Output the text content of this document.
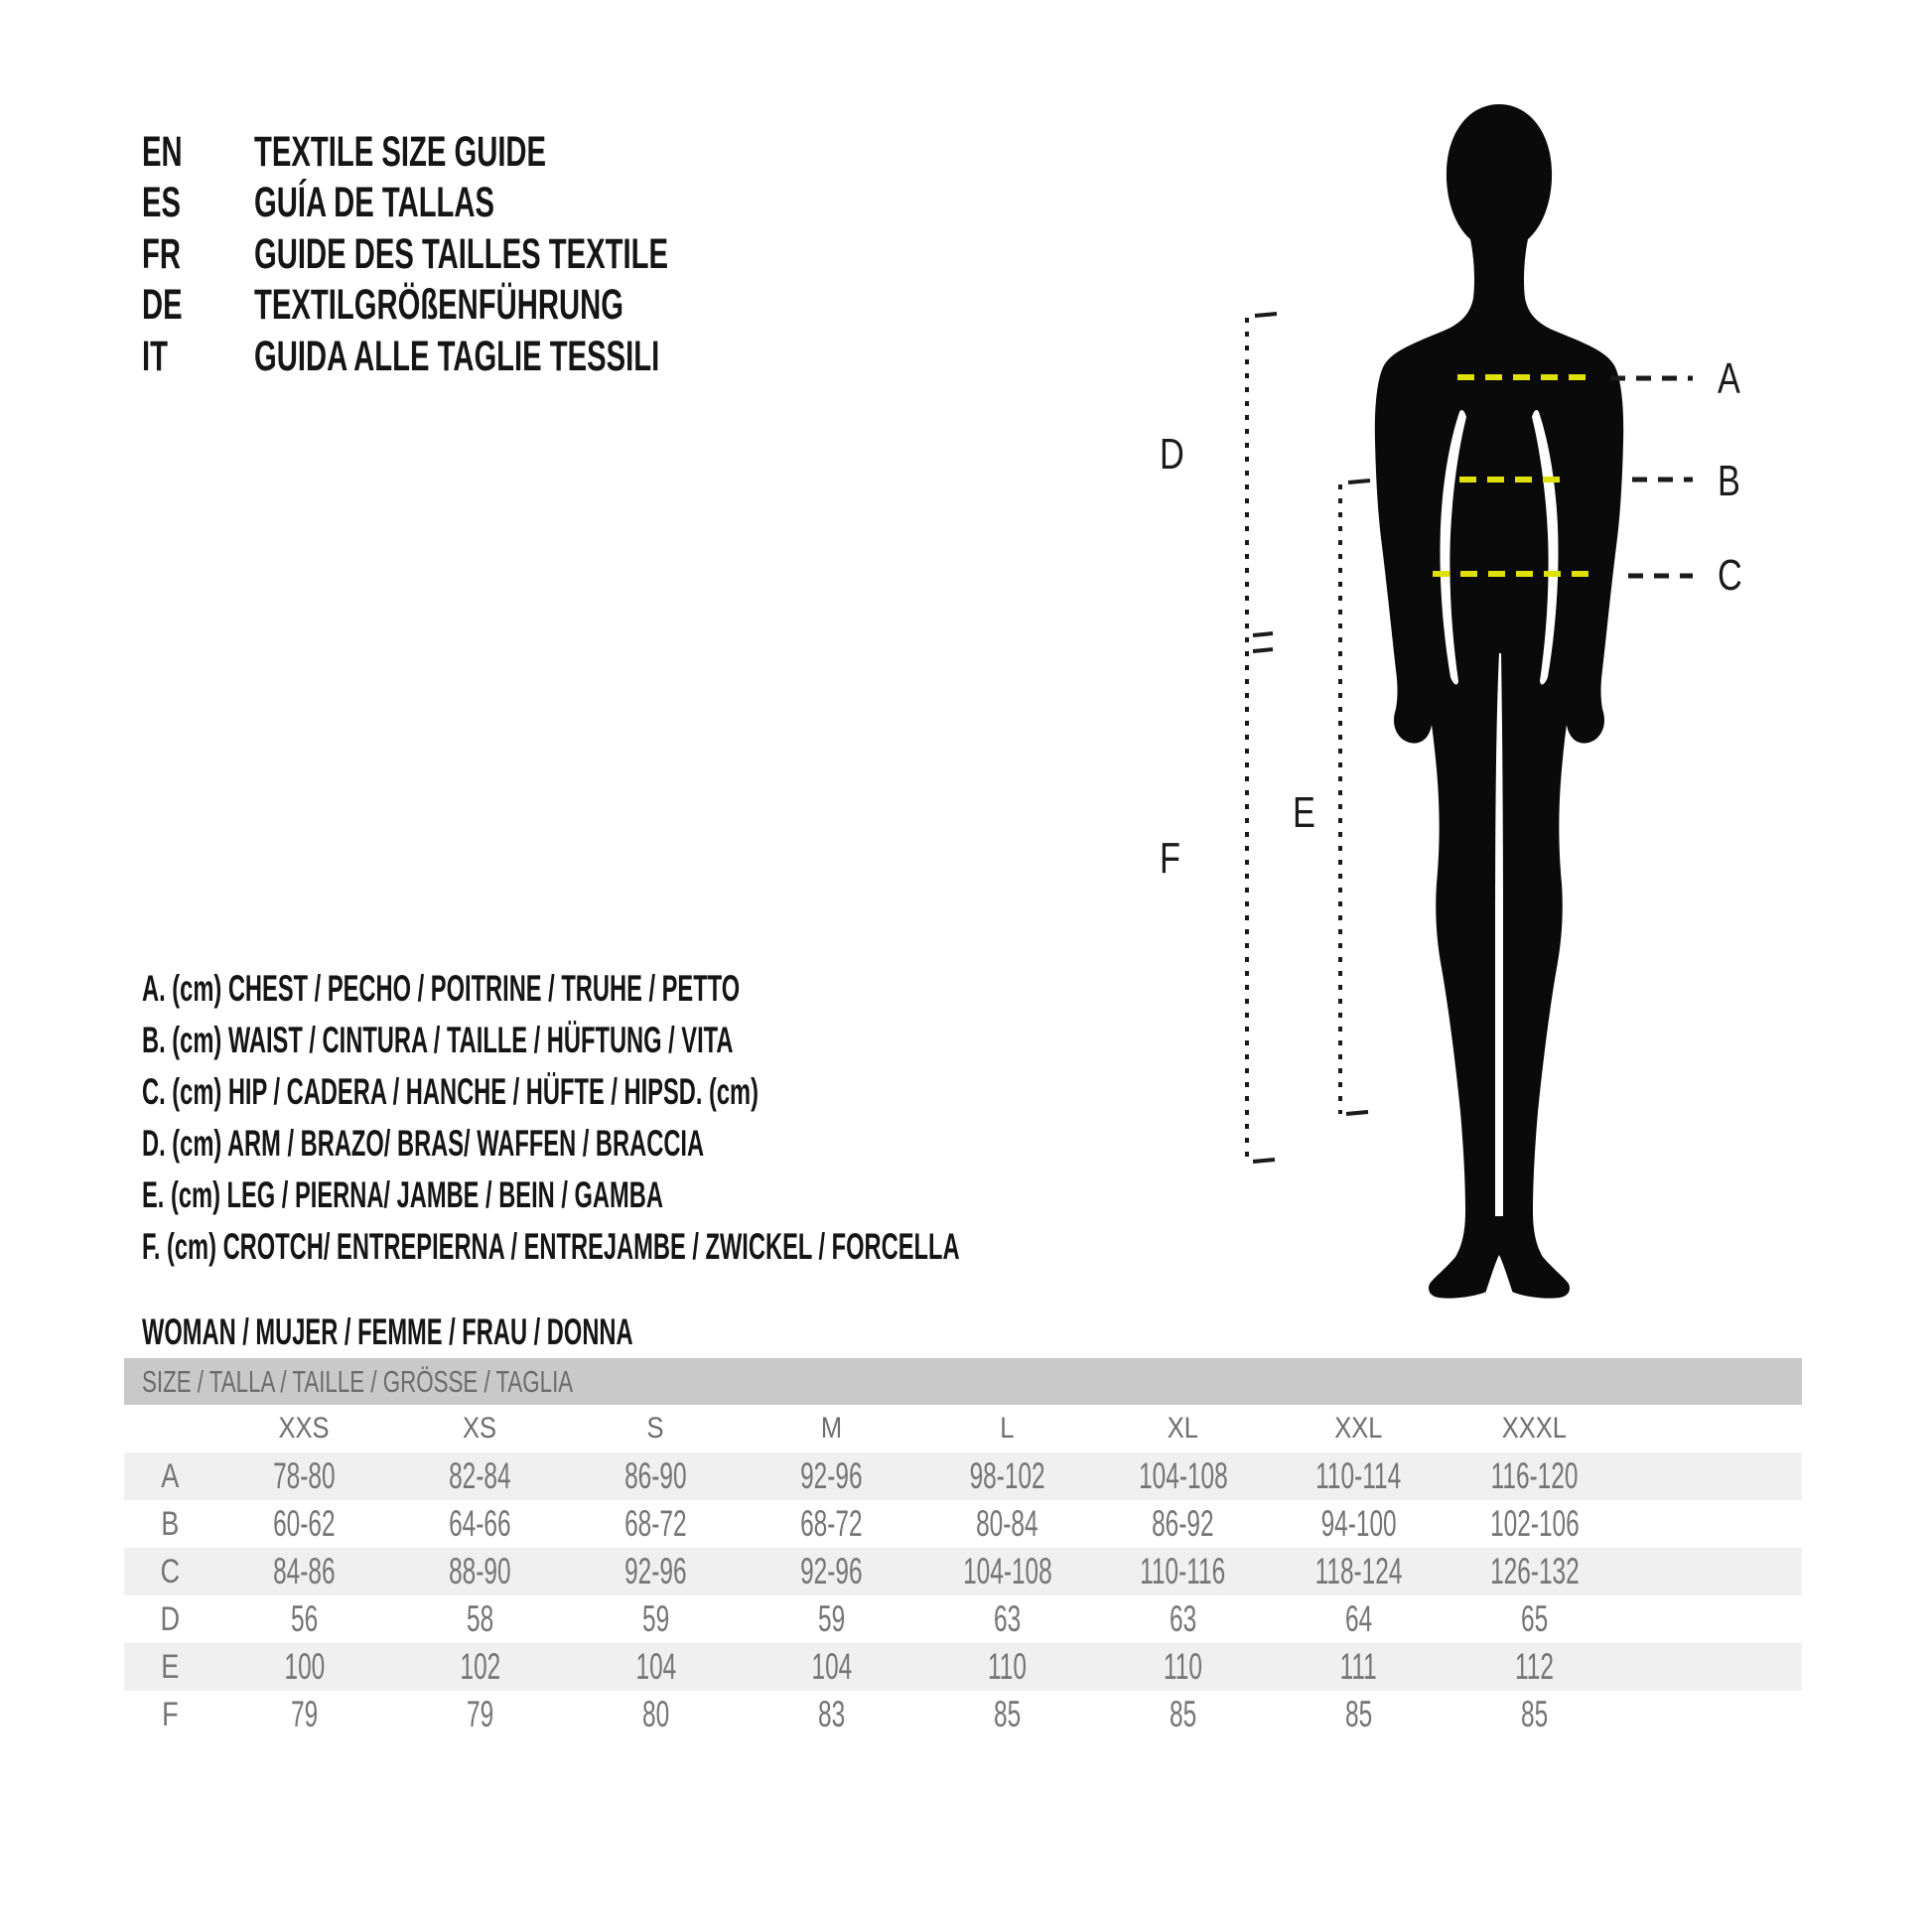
EN TEXTILE SIZE GUIDE
ES GUÍA DE TALLAS
FR GUIDE DES TAILLES TEXTILE
DE TEXTILGRÖßENFÜHRUNG
IT GUIDA ALLE TAGLIE TESSILI	A
B
C
D
E
F
A. (cm) CHEST / PECHO / POITRINE / TRUHE / PETTO
B. (cm) WAIST / CINTURA / TAILLE / HÜFTUNG / VITA
C. (cm) HIP / CADERA / HANCHE / HÜFTE / HIPSD. (cm)
D. (cm) ARM / BRAZO/ BRAS/ WAFFEN / BRACCIA
E. (cm) LEG / PIERNA/ JAMBE / BEIN / GAMBA
F. (cm) CROTCH/ ENTREPIERNA / ENTREJAMBE / ZWICKEL / FORCELLA
WOMAN / MUJER / FEMME / FRAU / DONNA
SIZE / TALLA / TAILLE / GRÖSSE / TAGLIA									
	XXS	XS	S	M	L	XL	XXL	XXXL	
A	78-80	82-84	86-90	92-96	98-102	104-108	110-114	116-120	
B	60-62	64-66	68-72	68-72	80-84	86-92	94-100	102-106	
C	84-86	88-90	92-96	92-96	104-108	110-116	118-124	126-132	
D	56	58	59	59	63	63	64	65	
E	100	102	104	104	110	110	111	112	
F	79	79	80	83	85	85	85	85	
